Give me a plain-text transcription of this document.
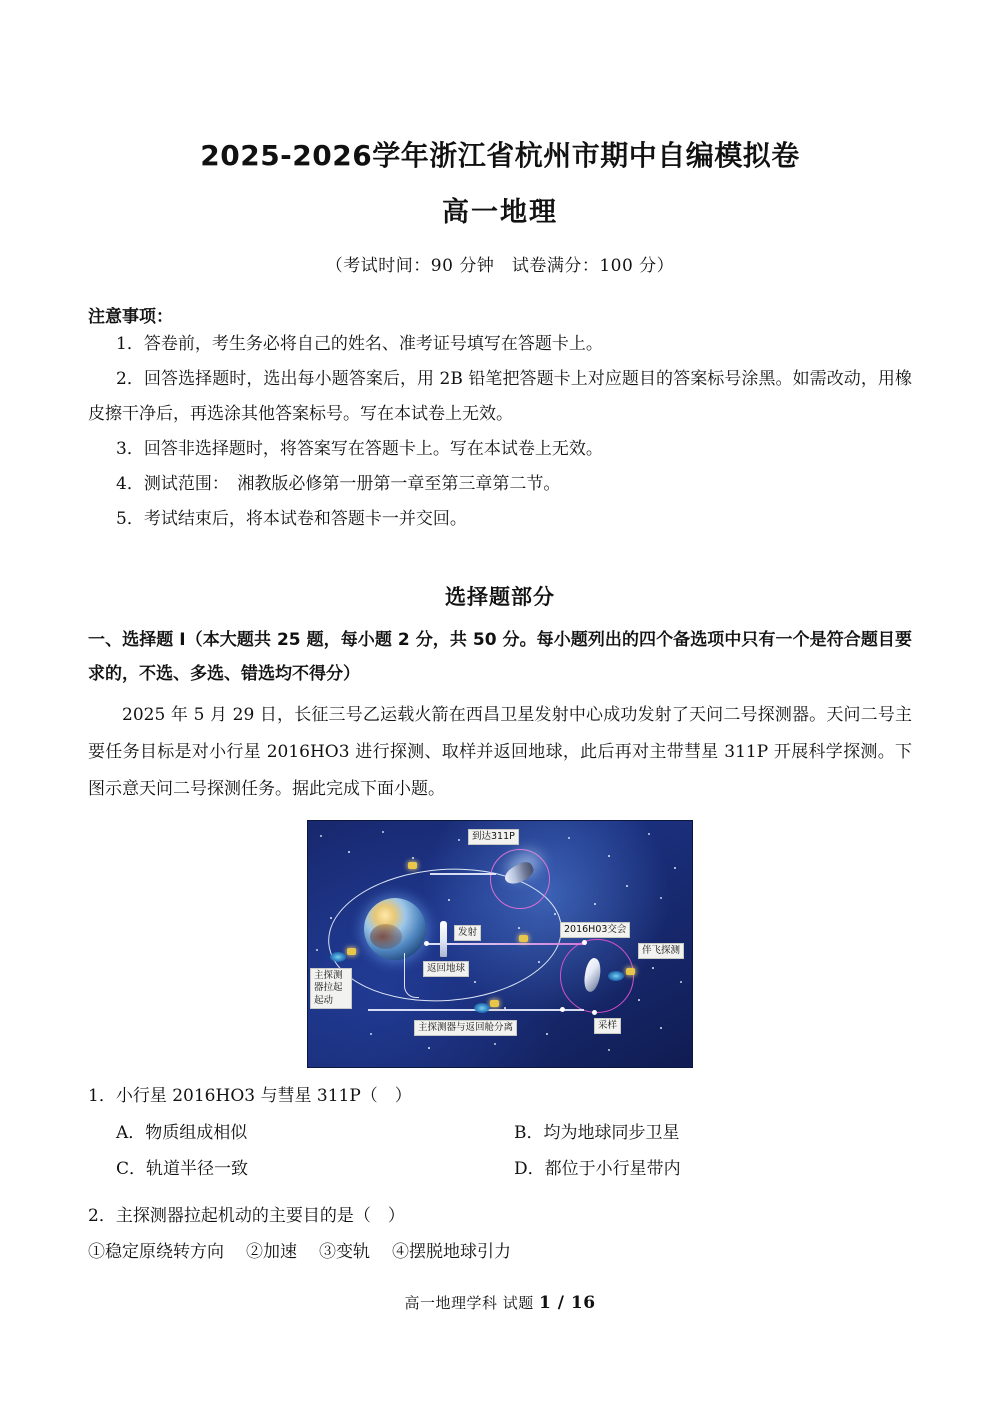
2025-2026学年浙江省杭州市期中自编模拟卷
高一地理
（考试时间：90 分钟　试卷满分：100 分）
注意事项：
1．答卷前，考生务必将自己的姓名、准考证号填写在答题卡上。
2．回答选择题时，选出每小题答案后，用 2B 铅笔把答题卡上对应题目的答案标号涂黑。如需改动，用橡皮擦干净后，再选涂其他答案标号。写在本试卷上无效。
3．回答非选择题时，将答案写在答题卡上。写在本试卷上无效。
4．测试范围：　湘教版必修第一册第一章至第三章第二节。
5．考试结束后，将本试卷和答题卡一并交回。
选择题部分
一、选择题 I（本大题共 25 题，每小题 2 分，共 50 分。每小题列出的四个备选项中只有一个是符合题目要求的，不选、多选、错选均不得分）
2025 年 5 月 29 日，长征三号乙运载火箭在西昌卫星发射中心成功发射了天问二号探测器。天问二号主要任务目标是对小行星 2016HO3 进行探测、取样并返回地球，此后再对主带彗星 311P 开展科学探测。下图示意天问二号探测任务。据此完成下面小题。
到达311P
发射	2016H03交会
伴飞探测
返回地球
主探测器拉起起动
主探测器与返回舱分离	采样
1．小行星 2016HO3 与彗星 311P（　）
A．物质组成相似	B．均为地球同步卫星
C．轨道半径一致	D．都位于小行星带内
2．主探测器拉起机动的主要目的是（　）
①稳定原绕转方向 ②加速 ③变轨 ④摆脱地球引力
高一地理学科 试题 1 / 16
